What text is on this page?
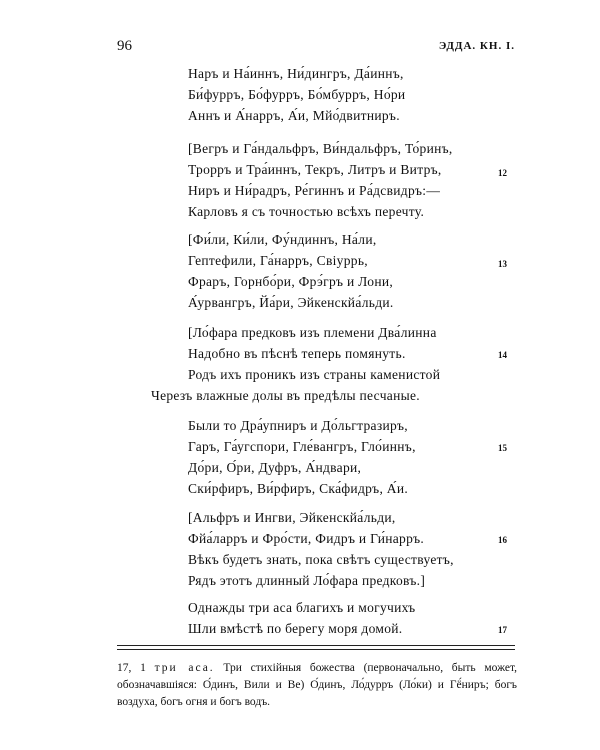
96	ЭДДА. КН. I.
Наръ и На́иннъ, Ни́дингръ, Да́иннъ,
Би́фурръ, Бо́фурръ, Бо́мбурръ, Но́ри
Аннъ и А́нарръ, А́и, Мйо́двитниръ.
[Вегръ и Га́ндальфръ, Ви́ндальфръ, То́ринъ,
Трорръ и Тра́иннъ, Текръ, Литръ и Витръ,
Ниръ и Ни́радръ, Ре́гиннъ и Ра́дсвидръ:—
Карловъ я съ точностью всѣхъ перечту.
12
[Фи́ли, Ки́ли, Фу́ндиннъ, На́ли,
Гептефили, Га́нарръ, Свіуррь,
Фраръ, Горнбо́ри, Фрэ́гръ и Лони,
А́урвангръ, Йа́ри, Эйкенскйа́льди.
13
[Ло́фара предковъ изъ племени Два́линна
Надобно въ пѣснѣ теперь помянуть.
Родъ ихъ проникъ изъ страны каменистой
Черезъ влажные долы въ предѣлы песчаные.
14
Были то Дра́упниръ и До́льгтразиръ,
Гаръ, Га́угспори, Гле́вангръ, Гло́иннъ,
До́ри, О́ри, Дуфръ, А́ндвари,
Ски́рфиръ, Ви́рфиръ, Ска́фидръ, А́и.
15
[Альфръ и Ингви, Эйкенскйа́льди,
Фйа́ларръ и Фро́сти, Фидръ и Ги́нарръ.
Вѣкъ будетъ знать, пока свѣтъ существуетъ,
Рядъ этотъ длинный Ло́фара предковъ.]
16
Однажды три аса благихъ и могучихъ
Шли вмѣстѣ по берегу моря домой.	17
17, 1 три аса. Три стихійныя божества (первоначально, быть может, обозначавшіяся: О́динъ, Вили и Ве) О́динъ, Ло́дурръ (Ло́ки) и Гё́ниръ; богъ воздуха, богъ огня и богъ водъ.
